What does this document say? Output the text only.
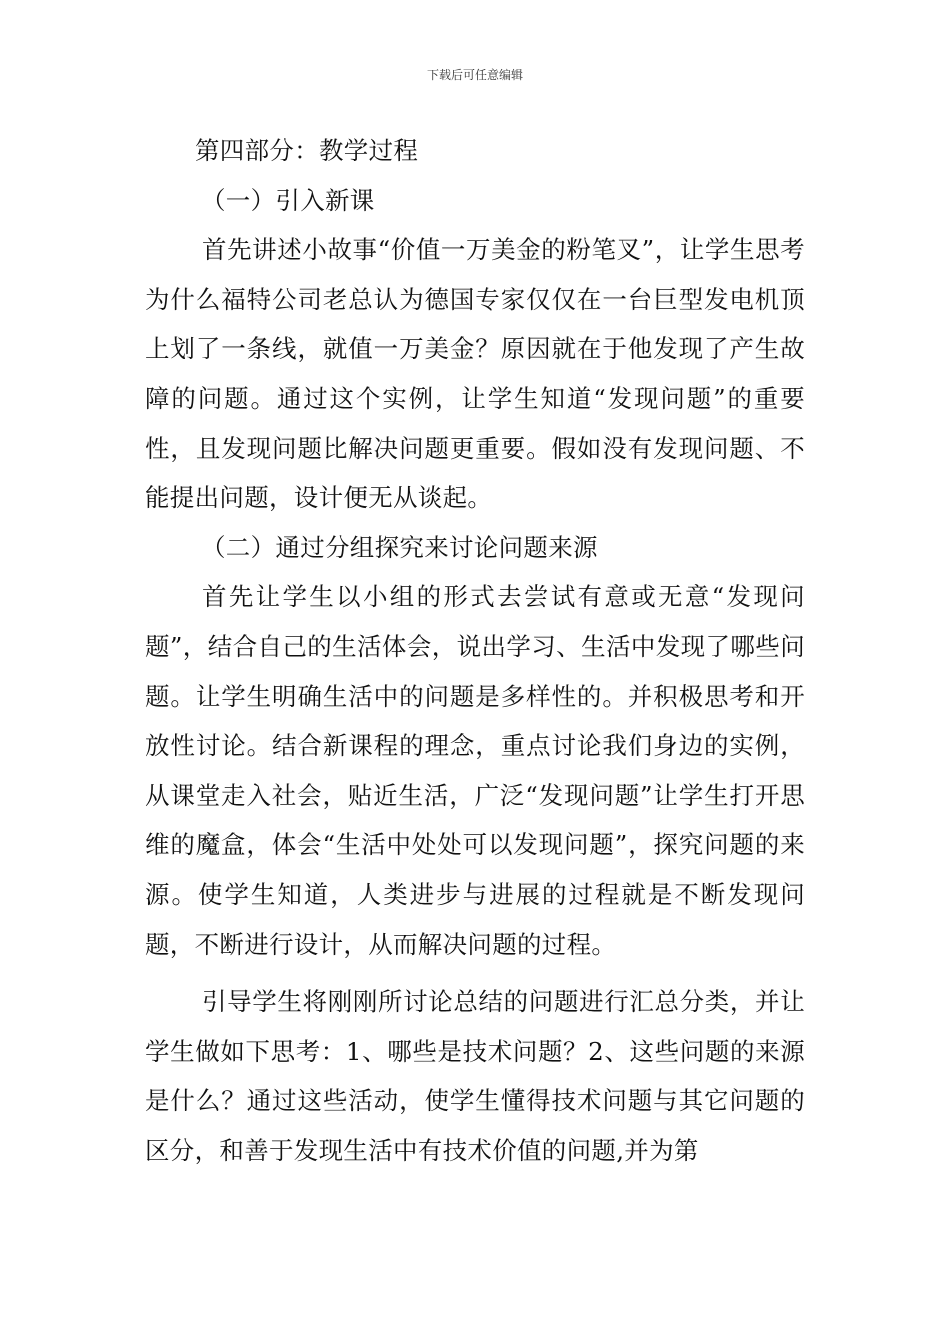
下载后可任意编辑

第四部分：教学过程

（一）引入新课

首先讲述小故事“价值一万美金的粉笔叉”，让学生思考为什么福特公司老总认为德国专家仅仅在一台巨型发电机顶上划了一条线，就值一万美金？原因就在于他发现了产生故障的问题。通过这个实例，让学生知道“发现问题”的重要性，且发现问题比解决问题更重要。假如没有发现问题、不能提出问题，设计便无从谈起。

（二）通过分组探究来讨论问题来源

首先让学生以小组的形式去尝试有意或无意“发现问题”，结合自己的生活体会，说出学习、生活中发现了哪些问题。让学生明确生活中的问题是多样性的。并积极思考和开放性讨论。结合新课程的理念，重点讨论我们身边的实例，从课堂走入社会，贴近生活，广泛“发现问题”让学生打开思维的魔盒，体会“生活中处处可以发现问题”，探究问题的来源。使学生知道，人类进步与进展的过程就是不断发现问题，不断进行设计，从而解决问题的过程。

引导学生将刚刚所讨论总结的问题进行汇总分类，并让学生做如下思考：1、哪些是技术问题？2、这些问题的来源是什么？通过这些活动，使学生懂得技术问题与其它问题的区分，和善于发现生活中有技术价值的问题,并为第
